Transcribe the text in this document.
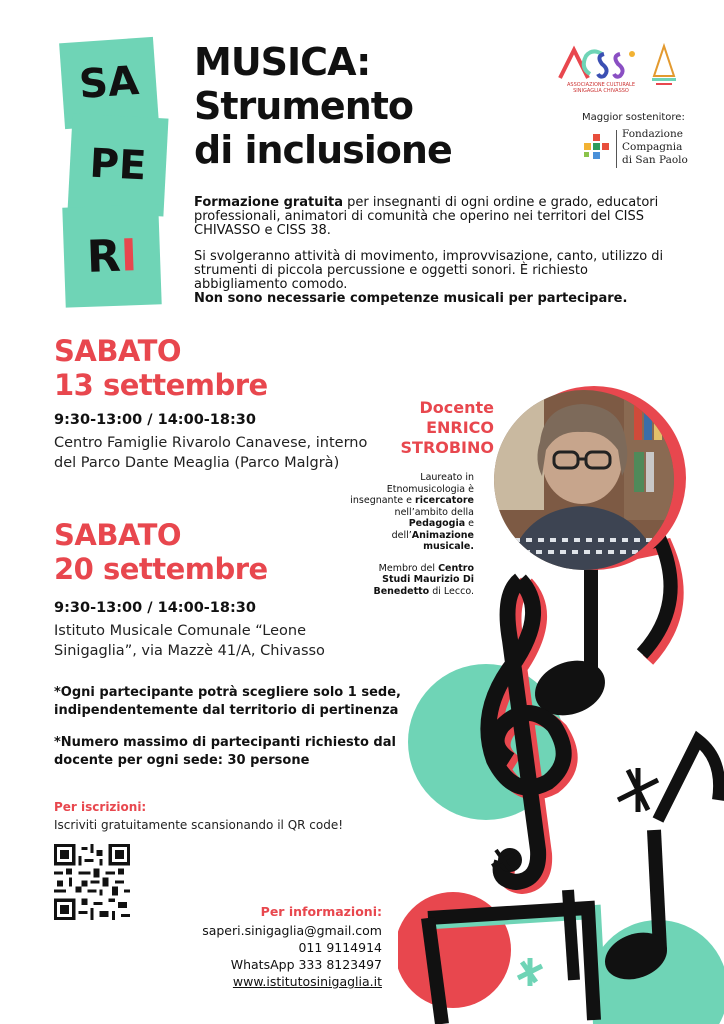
SA
PE
R
I
MUSICA:
Strumento
di inclusione
ASSOCIAZIONE CULTURALE SINIGAGLIA CHIVASSO
Maggior sostenitore:
Fondazione
Compagnia
di San Paolo

Formazione gratuita per insegnanti di ogni ordine e grado, educatori professionali, animatori di comunità che operino nei territori del CISS CHIVASSO e CISS 38.

Si svolgeranno attività di movimento, improvvisazione, canto, utilizzo di strumenti di piccola percussione e oggetti sonori. È richiesto abbigliamento comodo.
Non sono necessarie competenze musicali per partecipare.

SABATO
13 settembre
9:30-13:00 / 14:00-18:30
Centro Famiglie Rivarolo Canavese, interno del Parco Dante Meaglia (Parco Malgrà)
SABATO
20 settembre
9:30-13:00 / 14:00-18:30
Istituto Musicale Comunale “Leone Sinigaglia”, via Mazzè 41/A, Chivasso
*Ogni partecipante potrà scegliere solo 1 sede, indipendentemente dal territorio di pertinenza
*Numero massimo di partecipanti richiesto dal docente per ogni sede: 30 persone
Per iscrizioni:
Iscriviti gratuitamente scansionando il QR code!
Docente
ENRICO
STROBINO

Laureato in Etnomusicologia è insegnante e ricercatore nell’ambito della Pedagogia e dell’Animazione musicale.

Membro del Centro Studi Maurizio Di Benedetto di Lecco.

Per informazioni:
saperi.sinigaglia@gmail.com
011 9114914
WhatsApp 333 8123497
www.istitutosinigaglia.it
